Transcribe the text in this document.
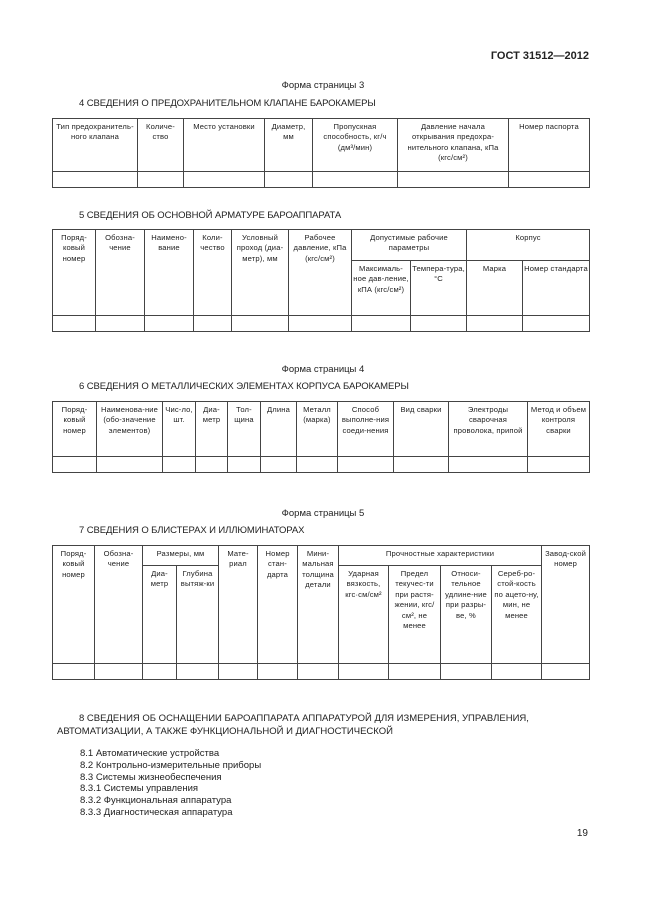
ГОСТ 31512—2012
Форма страницы 3
4 СВЕДЕНИЯ О ПРЕДОХРАНИТЕЛЬНОМ КЛАПАНЕ БАРОКАМЕРЫ
Тип предохранитель-ного клапана	Количе-ство	Место установки	Диаметр, мм	Пропускная способность, кг/ч (дм³/мин)	Давление начала открывания предохра-нительного клапана, кПа (кгс/см²)	Номер паспорта

5 СВЕДЕНИЯ ОБ ОСНОВНОЙ АРМАТУРЕ БАРОАППАРАТА
Поряд-ковый номер	Обозна-чение	Наимено-вание	Коли-чество	Условный проход (диа-метр), мм	Рабочее давление, кПа (кгс/см²)	Допустимые рабочие параметры		Корпус	
						Максималь-ное дав-ление, кПА (кгс/см²)	Темпера-тура, °С	Марка	Номер стандарта

Форма страницы 4
6 СВЕДЕНИЯ О МЕТАЛЛИЧЕСКИХ ЭЛЕМЕНТАХ КОРПУСА БАРОКАМЕРЫ
Поряд-ковый номер	Наименова-ние (обо-значение элементов)	Чис-ло, шт.	Диа-метр	Тол-щина	Длина	Металл (марка)	Способ выполне-ния соеди-нения	Вид сварки	Электроды сварочная проволока, припой	Метод и объем контроля сварки

Форма страницы 5
7 СВЕДЕНИЯ О БЛИСТЕРАХ И ИЛЛЮМИНАТОРАХ
Поряд-ковый номер	Обозна-чение	Размеры, мм		Мате-риал	Номер стан-дарта	Мини-мальная толщина детали	Прочностные характеристики				Завод-ской номер
		Диа-метр	Глубина вытяж-ки				Ударная вязкость, кгс·см/см²	Предел текучес-ти при растя-жении, кгс/см², не менее	Относи-тельное удлине-ние при разры-ве, %	Сереб-ро-стой-кость по ацето-ну, мин, не менее	

8 СВЕДЕНИЯ ОБ ОСНАЩЕНИИ БАРОАППАРАТА АППАРАТУРОЙ ДЛЯ ИЗМЕРЕНИЯ, УПРАВЛЕНИЯ, АВТОМАТИЗАЦИИ, А ТАКЖЕ ФУНКЦИОНАЛЬНОЙ И ДИАГНОСТИЧЕСКОЙ
8.1 Автоматические устройства
8.2 Контрольно-измерительные приборы
8.3 Системы жизнеобеспечения
8.3.1 Системы управления
8.3.2 Функциональная аппаратура
8.3.3 Диагностическая аппаратура
19
